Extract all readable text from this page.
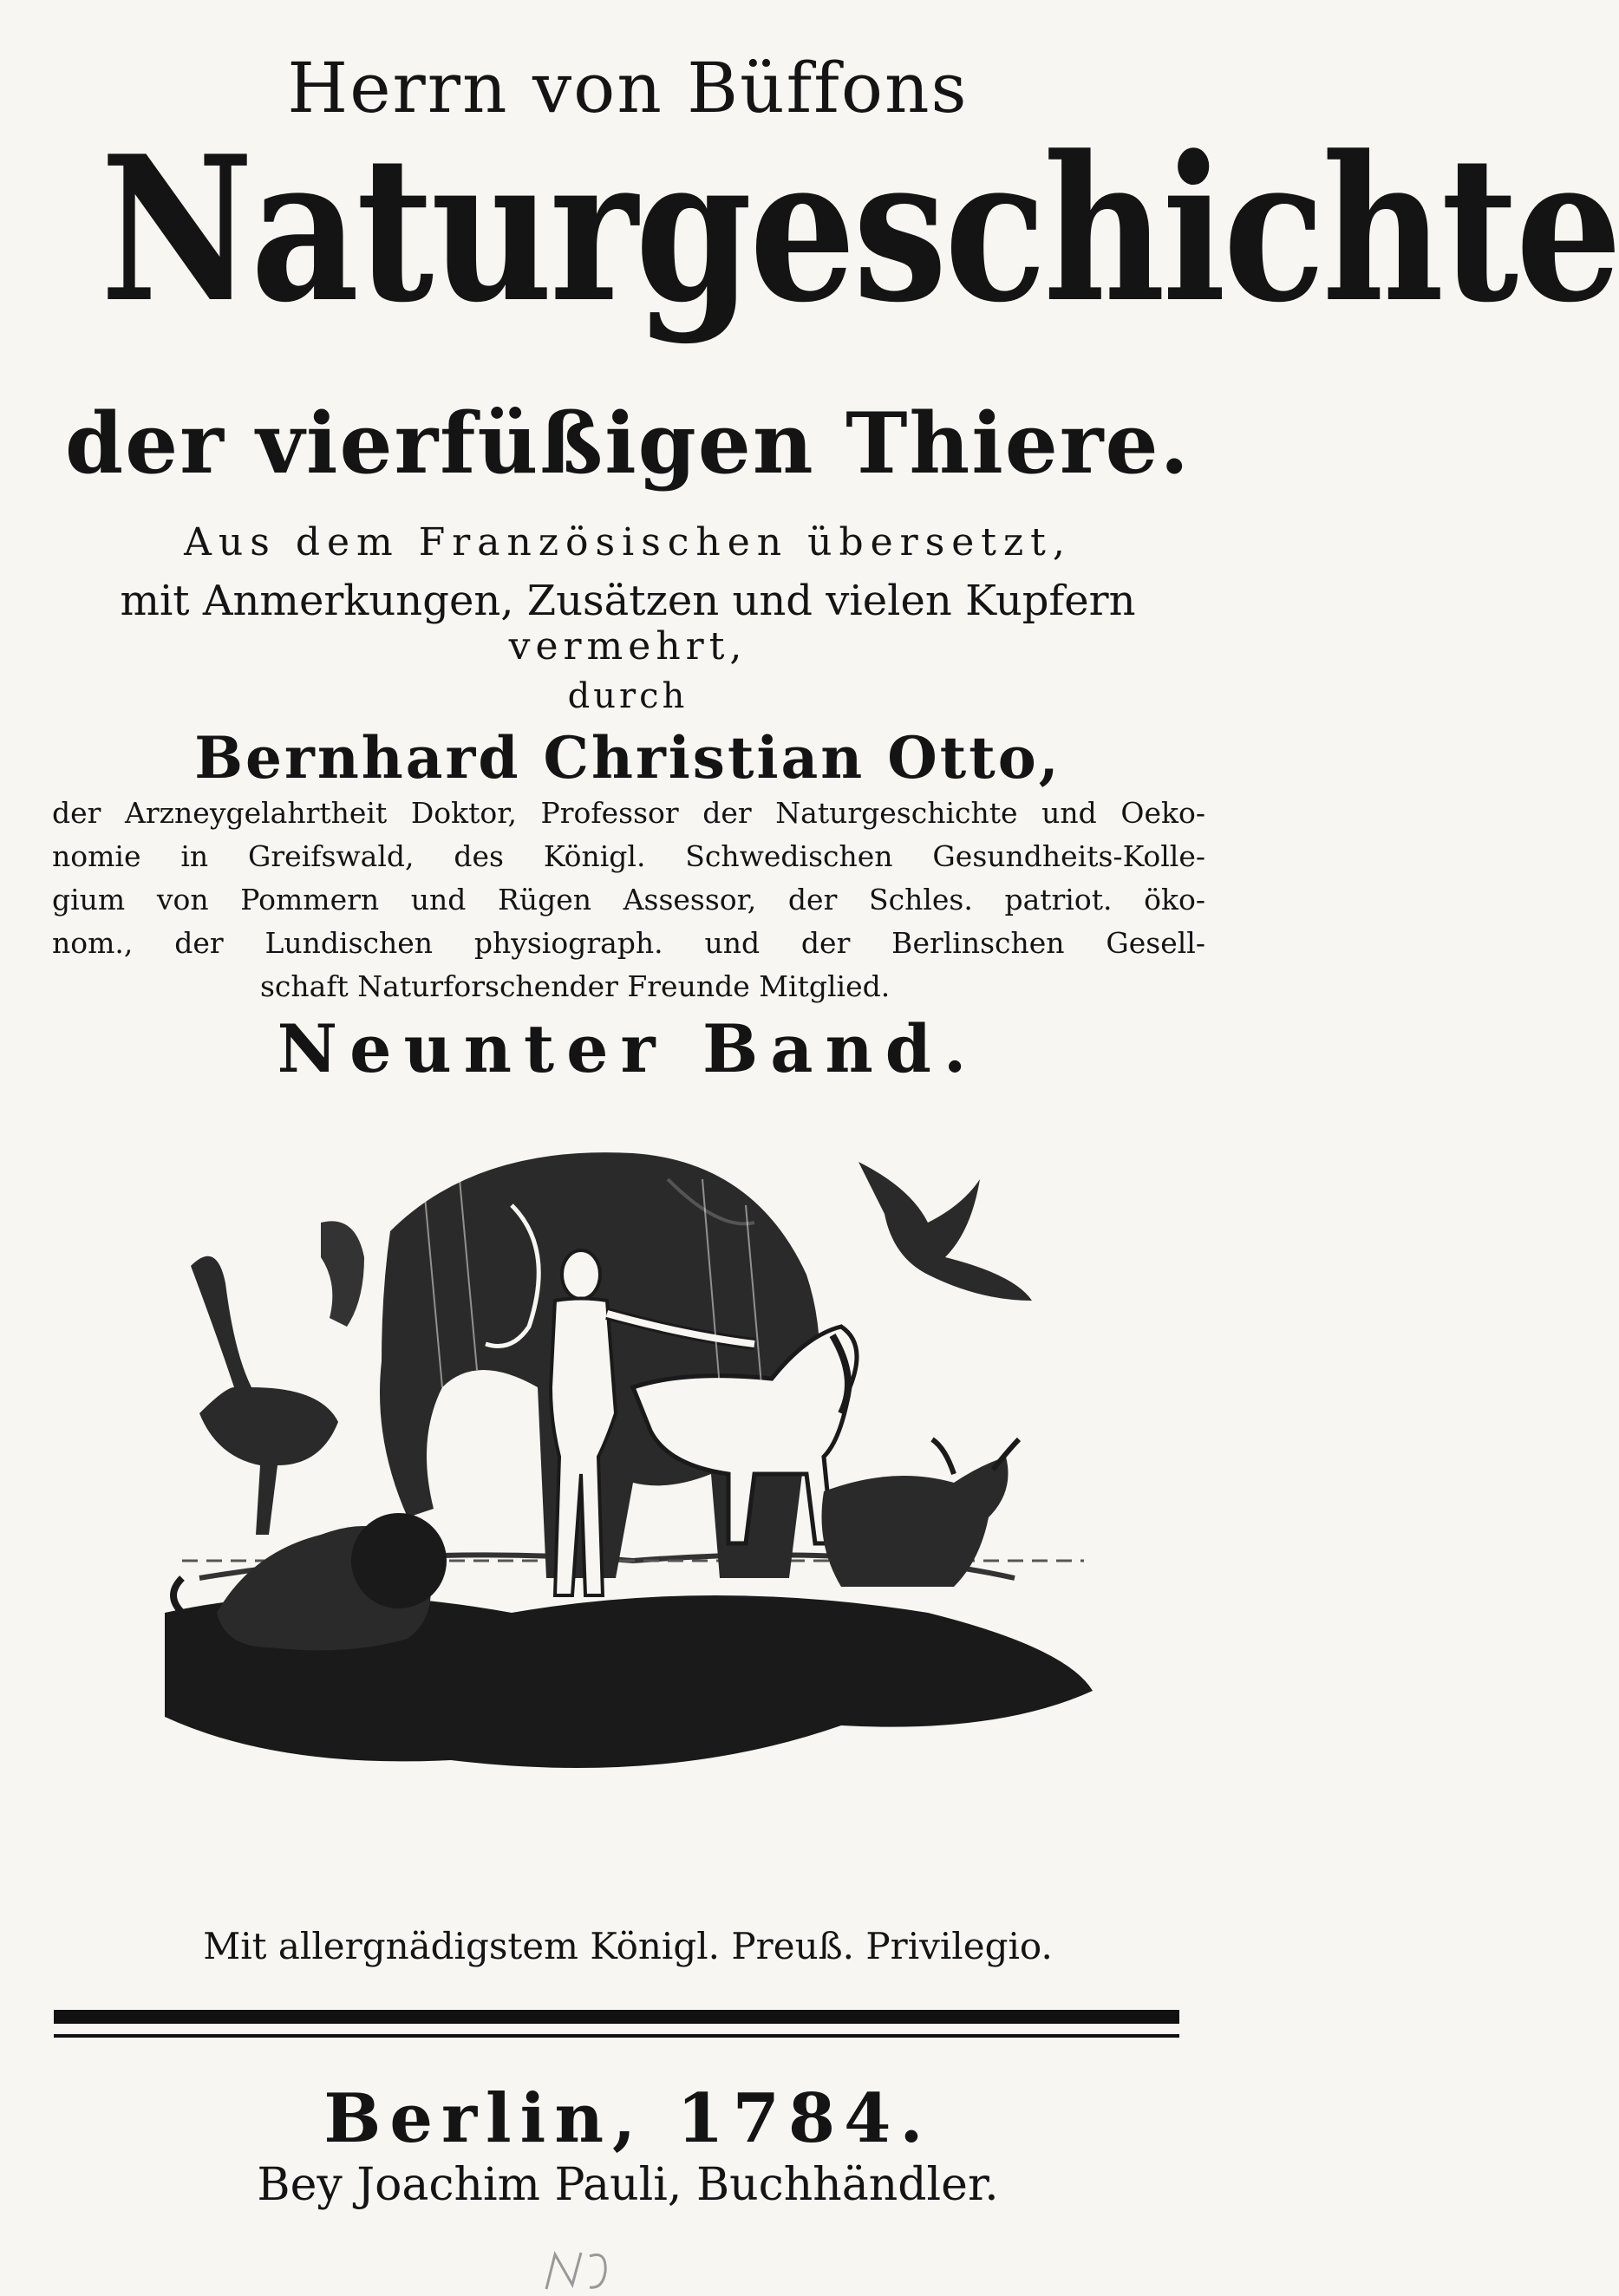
Herrn von Büffons
Naturgeschichte
der vierfüßigen Thiere.
Aus dem Französischen übersetzt,
mit Anmerkungen, Zusätzen und vielen Kupfern
vermehrt,
durch
Bernhard Christian Otto,
der Arzneygelahrtheit Doktor, Professor der Naturgeschichte und Oeko-
nomie in Greifswald, des Königl. Schwedischen Gesundheits-Kolle-
gium von Pommern und Rügen Assessor, der Schles. patriot. öko-
nom., der Lundischen physiograph. und der Berlinschen Gesell-
schaft Naturforschender Freunde Mitglied.
Neunter Band.
Mit allergnädigstem Königl. Preuß. Privilegio.
Berlin, 1784.
Bey Joachim Pauli, Buchhändler.
